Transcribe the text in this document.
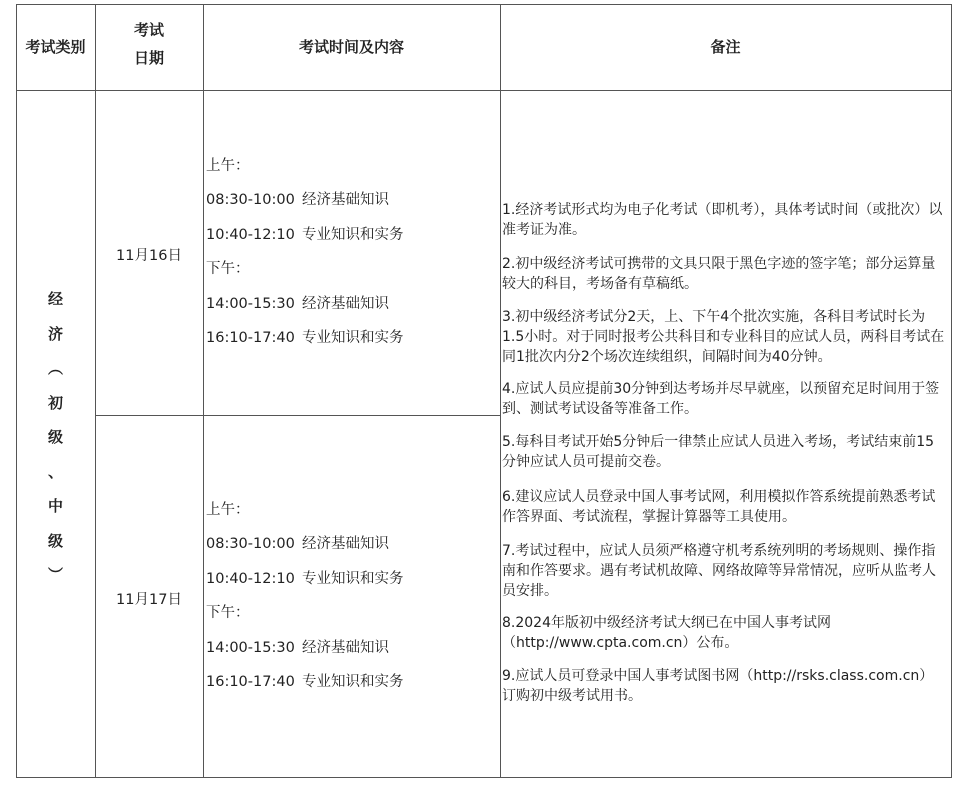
考试类别
考试
日期
考试时间及内容	备注
经
济
︵
初
级
、
中
级
︶
11月16日
11月17日
上午：
08:30-10:00 经济基础知识
10:40-12:10 专业知识和实务
下午：
14:00-15:30 经济基础知识
16:10-17:40 专业知识和实务
上午：
08:30-10:00 经济基础知识
10:40-12:10 专业知识和实务
下午：
14:00-15:30 经济基础知识
16:10-17:40 专业知识和实务

1.经济考试形式均为电子化考试（即机考），具体考试时间（或批次）以准考证为准。

2.初中级经济考试可携带的文具只限于黑色字迹的签字笔；部分运算量较大的科目，考场备有草稿纸。

3.初中级经济考试分2天，上、下午4个批次实施，各科目考试时长为1.5小时。对于同时报考公共科目和专业科目的应试人员，两科目考试在同1批次内分2个场次连续组织，间隔时间为40分钟。

4.应试人员应提前30分钟到达考场并尽早就座，以预留充足时间用于签到、测试考试设备等准备工作。

5.每科目考试开始5分钟后一律禁止应试人员进入考场，考试结束前15分钟应试人员可提前交卷。

6.建议应试人员登录中国人事考试网，利用模拟作答系统提前熟悉考试作答界面、考试流程，掌握计算器等工具使用。

7.考试过程中，应试人员须严格遵守机考系统列明的考场规则、操作指南和作答要求。遇有考试机故障、网络故障等异常情况，应听从监考人员安排。

8.2024年版初中级经济考试大纲已在中国人事考试网（http://www.cpta.com.cn）公布。

9.应试人员可登录中国人事考试图书网（http://rsks.class.com.cn）订购初中级考试用书。
